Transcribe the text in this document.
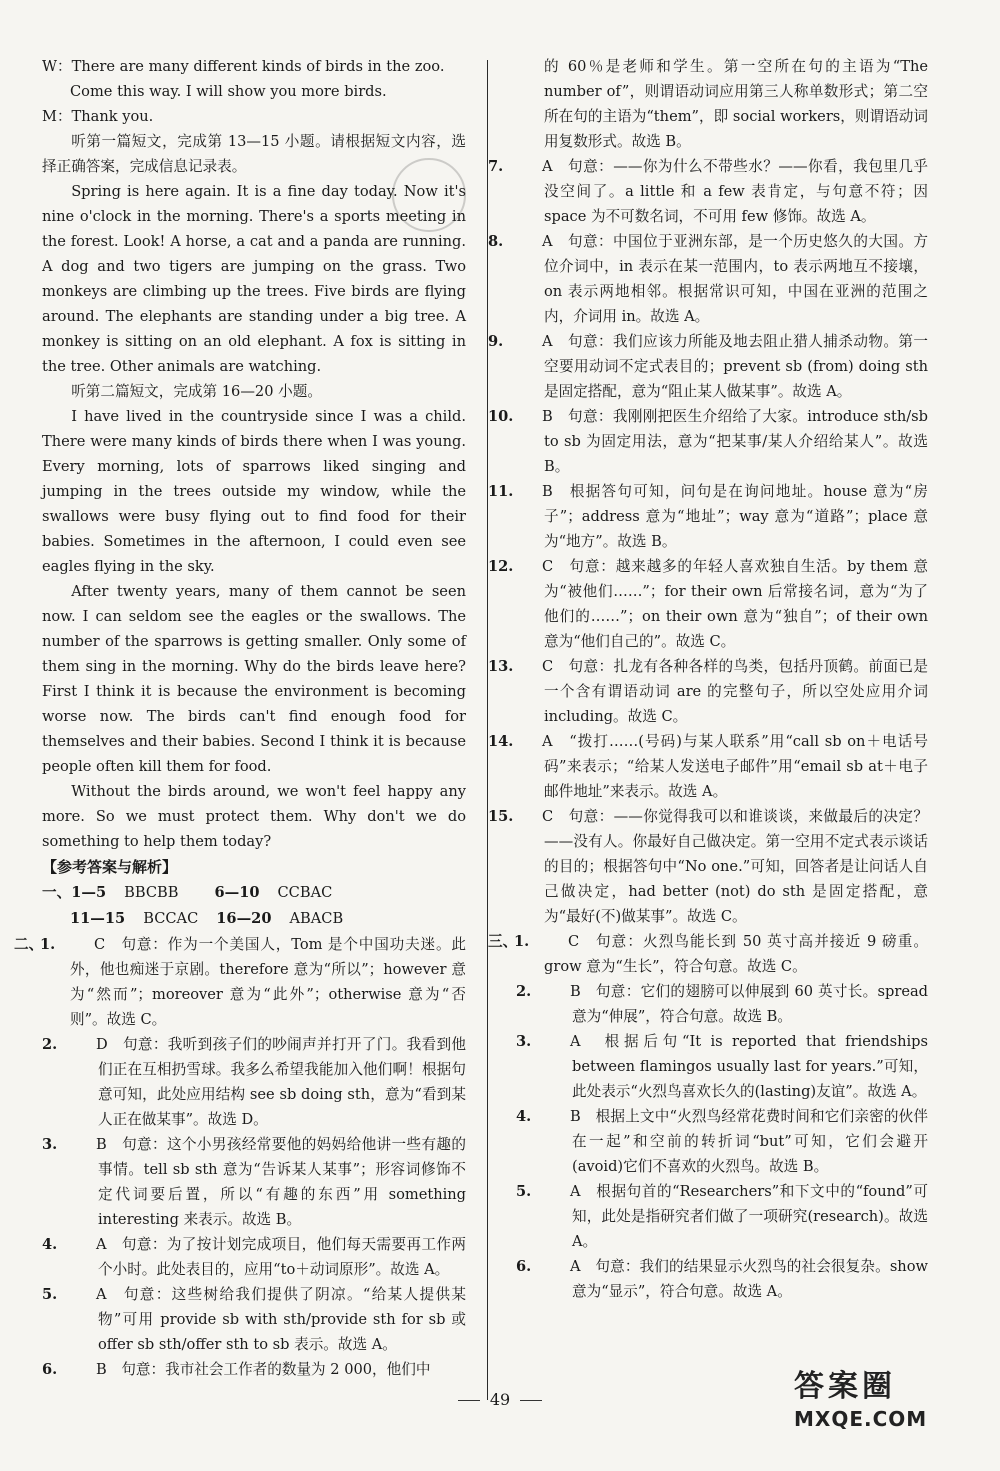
W：There are many different kinds of birds in the zoo.

Come this way. I will show you more birds.

M：Thank you.

听第一篇短文，完成第 13—15 小题。请根据短文内容，选择正确答案，完成信息记录表。

Spring is here again. It is a fine day today. Now it's nine o'clock in the morning. There's a sports meeting in the forest. Look! A horse, a cat and a panda are running. A dog and two tigers are jumping on the grass. Two monkeys are climbing up the trees. Five birds are flying around. The elephants are standing under a big tree. A monkey is sitting on an old elephant. A fox is sitting in the tree. Other animals are watching.

听第二篇短文，完成第 16—20 小题。

I have lived in the countryside since I was a child. There were many kinds of birds there when I was young. Every morning, lots of sparrows liked singing and jumping in the trees outside my window, while the swallows were busy flying out to find food for their babies. Sometimes in the afternoon, I could even see eagles flying in the sky.

After twenty years, many of them cannot be seen now. I can seldom see the eagles or the swallows. The number of the sparrows is getting smaller. Only some of them sing in the morning. Why do the birds leave here? First I think it is because the environment is becoming worse now. The birds can't find enough food for themselves and their babies. Second I think it is because people often kill them for food.

Without the birds around, we won't feel happy any more. So we must protect them. Why don't we do something to help them today?

【参考答案与解析】

一、1—5 BBCBB 6—10 CCBAC

11—15 BCCAC 16—20 ABACB

二、1.	C　句意：作为一个美国人，Tom 是个中国功夫迷。此外，他也痴迷于京剧。therefore 意为“所以”；however 意为“然而”；moreover 意为“此外”；otherwise 意为“否则”。故选 C。

2.	D　句意：我听到孩子们的吵闹声并打开了门。我看到他们正在互相扔雪球。我多么希望我能加入他们啊！根据句意可知，此处应用结构 see sb doing sth，意为“看到某人正在做某事”。故选 D。

3.	B　句意：这个小男孩经常要他的妈妈给他讲一些有趣的事情。tell sb sth 意为“告诉某人某事”；形容词修饰不定代词要后置，所以“有趣的东西”用 something interesting 来表示。故选 B。

4.	A　句意：为了按计划完成项目，他们每天需要再工作两个小时。此处表目的，应用“to＋动词原形”。故选 A。

5.	A　句意：这些树给我们提供了阴凉。“给某人提供某物”可用 provide sb with sth/provide sth for sb 或 offer sb sth/offer sth to sb 表示。故选 A。

6.	B　句意：我市社会工作者的数量为 2 000，他们中

的 60％是老师和学生。第一空所在句的主语为“The number of”，则谓语动词应用第三人称单数形式；第二空所在句的主语为“them”，即 social workers，则谓语动词用复数形式。故选 B。

7.	A　句意：——你为什么不带些水？——你看，我包里几乎没空间了。a little 和 a few 表肯定，与句意不符；因 space 为不可数名词，不可用 few 修饰。故选 A。

8.	A　句意：中国位于亚洲东部，是一个历史悠久的大国。方位介词中，in 表示在某一范围内，to 表示两地互不接壤，on 表示两地相邻。根据常识可知，中国在亚洲的范围之内，介词用 in。故选 A。

9.	A　句意：我们应该力所能及地去阻止猎人捕杀动物。第一空要用动词不定式表目的；prevent sb (from) doing sth 是固定搭配，意为“阻止某人做某事”。故选 A。

10. B　句意：我刚刚把医生介绍给了大家。introduce sth/sb to sb 为固定用法，意为“把某事/某人介绍给某人”。故选 B。

11. B　根据答句可知，问句是在询问地址。house 意为“房子”；address 意为“地址”；way 意为“道路”；place 意为“地方”。故选 B。

12. C　句意：越来越多的年轻人喜欢独自生活。by them 意为“被他们……”；for their own 后常接名词，意为“为了他们的……”；on their own 意为“独自”；of their own 意为“他们自己的”。故选 C。

13. C　句意：扎龙有各种各样的鸟类，包括丹顶鹤。前面已是一个含有谓语动词 are 的完整句子，所以空处应用介词 including。故选 C。

14. A　“拨打……(号码)与某人联系”用“call sb on＋电话号码”来表示；“给某人发送电子邮件”用“email sb at＋电子邮件地址”来表示。故选 A。

15. C　句意：——你觉得我可以和谁谈谈，来做最后的决定？——没有人。你最好自己做决定。第一空用不定式表示谈话的目的；根据答句中“No one.”可知，回答者是让问话人自己做决定，had better (not) do sth 是固定搭配，意为“最好(不)做某事”。故选 C。

三、1.	C　句意：火烈鸟能长到 50 英寸高并接近 9 磅重。grow 意为“生长”，符合句意。故选 C。

2.	B　句意：它们的翅膀可以伸展到 60 英寸长。spread 意为“伸展”，符合句意。故选 B。

3.	A　根据后句“It is reported that friendships between flamingos usually last for years.”可知，此处表示“火烈鸟喜欢长久的(lasting)友谊”。故选 A。

4.	B　根据上文中“火烈鸟经常花费时间和它们亲密的伙伴在一起”和空前的转折词“but”可知，它们会避开(avoid)它们不喜欢的火烈鸟。故选 B。

5.	A　根据句首的“Researchers”和下文中的“found”可知，此处是指研究者们做了一项研究(research)。故选 A。

6.	A　句意：我们的结果显示火烈鸟的社会很复杂。show 意为“显示”，符合句意。故选 A。

49	答案圈
MXQE.COM
